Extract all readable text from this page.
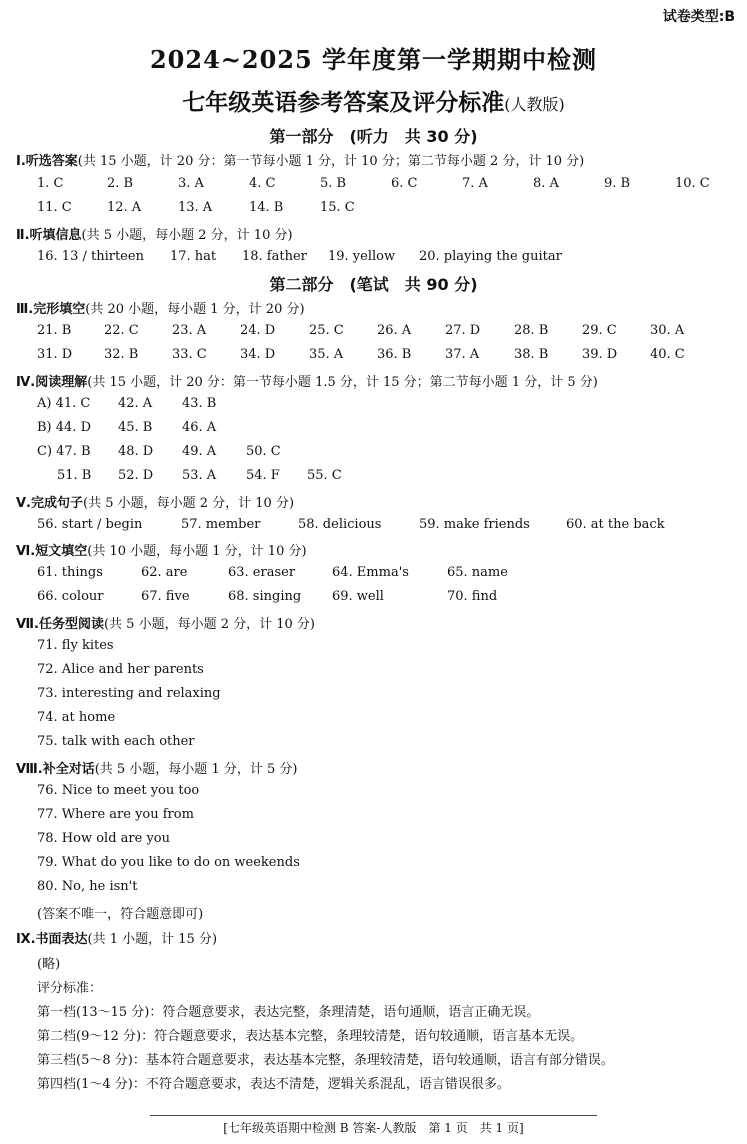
试卷类型:B
2024~2025 学年度第一学期期中检测
七年级英语参考答案及评分标准(人教版)
第一部分　(听力　共 30 分)
Ⅰ.听选答案(共 15 小题，计 20 分：第一节每小题 1 分，计 10 分；第二节每小题 2 分，计 10 分)
1. C	2. B	3. A	4. C	5. B	6. C	7. A	8. A	9. B	10. C
11. C	12. A	13. A	14. B	15. C
Ⅱ.听填信息(共 5 小题，每小题 2 分，计 10 分)
16. 13 / thirteen 17. hat 18. father 19. yellow 20. playing the guitar
第二部分　(笔试　共 90 分)
Ⅲ.完形填空(共 20 小题，每小题 1 分，计 20 分)
21. B	22. C	23. A	24. D	25. C	26. A	27. D	28. B	29. C	30. A
31. D 32. B	33. C	34. D	35. A	36. B	37. A	38. B	39. D	40. C
Ⅳ.阅读理解(共 15 小题，计 20 分：第一节每小题 1.5 分，计 15 分；第二节每小题 1 分，计 5 分)
A) 41. C 42. A 43. B
B) 44. D 45. B 46. A
C) 47. B 48. D 49. A 50. C
51. B 52. D 53. A 54. F 55. C
Ⅴ.完成句子(共 5 小题，每小题 2 分，计 10 分)
56. start / begin	57. member	58. delicious	59. make friends	60. at the back
Ⅵ.短文填空(共 10 小题，每小题 1 分，计 10 分)
61. things	62. are	63. eraser	64. Emma's	65. name
66. colour	67. five	68. singing 69. well	70. find
Ⅶ.任务型阅读(共 5 小题，每小题 2 分，计 10 分)
71. fly kites
72. Alice and her parents
73. interesting and relaxing
74. at home
75. talk with each other
Ⅷ.补全对话(共 5 小题，每小题 1 分，计 5 分)
76. Nice to meet you too
77. Where are you from
78. How old are you
79. What do you like to do on weekends
80. No, he isn't
(答案不唯一，符合题意即可)
Ⅸ.书面表达(共 1 小题，计 15 分)
(略)
评分标准：
第一档(13～15 分)：符合题意要求，表达完整，条理清楚，语句通顺，语言正确无误。
第二档(9～12 分)：符合题意要求，表达基本完整，条理较清楚，语句较通顺，语言基本无误。
第三档(5～8 分)：基本符合题意要求，表达基本完整，条理较清楚，语句较通顺，语言有部分错误。
第四档(1～4 分)：不符合题意要求，表达不清楚，逻辑关系混乱，语言错误很多。
[七年级英语期中检测 B 答案-人教版　第 1 页　共 1 页]
